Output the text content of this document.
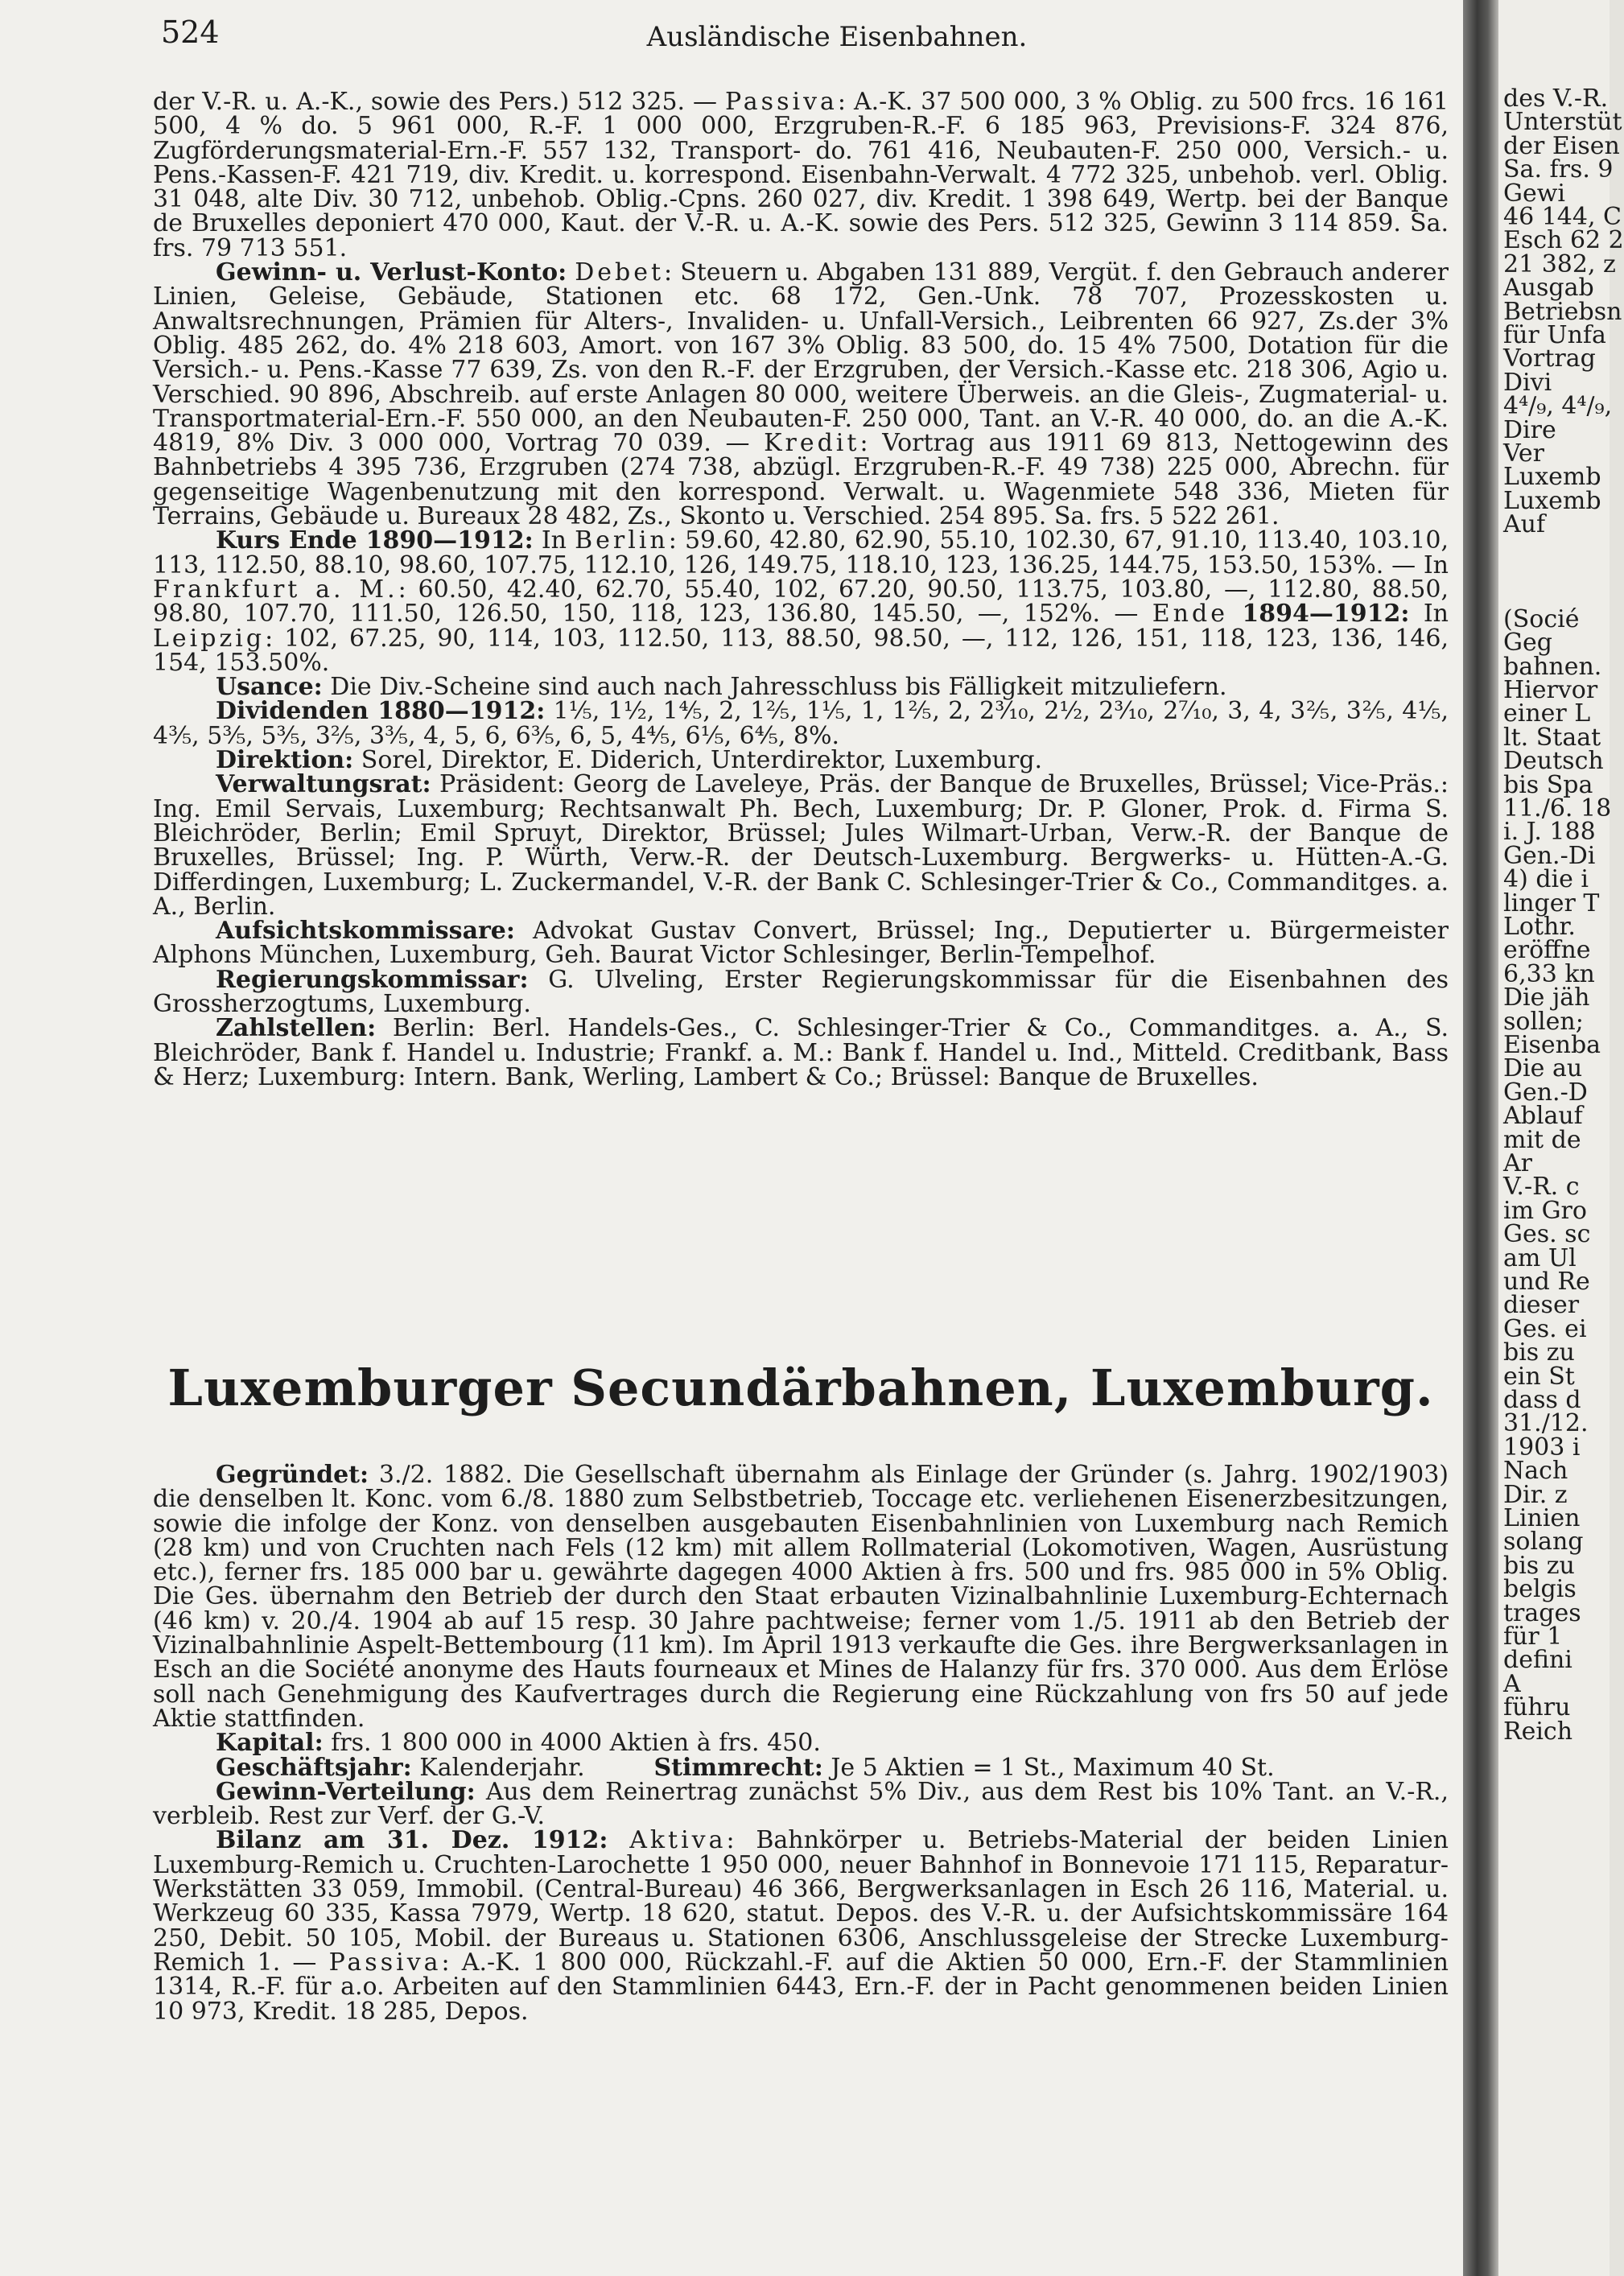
524	Ausländische Eisenbahnen.

der V.-R. u. A.-K., sowie des Pers.) 512 325. — Passiva: A.-K. 37 500 000, 3 % Oblig. zu 500 frcs. 16 161 500, 4 % do. 5 961 000, R.-F. 1 000 000, Erzgruben-R.-F. 6 185 963, Previsions-F. 324 876, Zugförderungsmaterial-Ern.-F. 557 132, Transport- do. 761 416, Neubauten-F. 250 000, Versich.- u. Pens.-Kassen-F. 421 719, div. Kredit. u. korrespond. Eisenbahn-Verwalt. 4 772 325, unbehob. verl. Oblig. 31 048, alte Div. 30 712, unbehob. Oblig.-Cpns. 260 027, div. Kredit. 1 398 649, Wertp. bei der Banque de Bruxelles deponiert 470 000, Kaut. der V.-R. u. A.-K. sowie des Pers. 512 325, Gewinn 3 114 859. Sa. frs. 79 713 551.

Gewinn- u. Verlust-Konto: Debet: Steuern u. Abgaben 131 889, Vergüt. f. den Gebrauch anderer Linien, Geleise, Gebäude, Stationen etc. 68 172, Gen.-Unk. 78 707, Prozesskosten u. Anwaltsrechnungen, Prämien für Alters-, Invaliden- u. Unfall-Versich., Leibrenten 66 927, Zs.der 3% Oblig. 485 262, do. 4% 218 603, Amort. von 167 3% Oblig. 83 500, do. 15 4% 7500, Dotation für die Versich.- u. Pens.-Kasse 77 639, Zs. von den R.-F. der Erzgruben, der Versich.-Kasse etc. 218 306, Agio u. Verschied. 90 896, Abschreib. auf erste Anlagen 80 000, weitere Überweis. an die Gleis-, Zugmaterial- u. Transportmaterial-Ern.-F. 550 000, an den Neubauten-F. 250 000, Tant. an V.-R. 40 000, do. an die A.-K. 4819, 8% Div. 3 000 000, Vortrag 70 039. — Kredit: Vortrag aus 1911 69 813, Nettogewinn des Bahnbetriebs 4 395 736, Erzgruben (274 738, abzügl. Erzgruben-R.-F. 49 738) 225 000, Abrechn. für gegenseitige Wagenbenutzung mit den korrespond. Verwalt. u. Wagenmiete 548 336, Mieten für Terrains, Gebäude u. Bureaux 28 482, Zs., Skonto u. Verschied. 254 895. Sa. frs. 5 522 261.

Kurs Ende 1890—1912: In Berlin: 59.60, 42.80, 62.90, 55.10, 102.30, 67, 91.10, 113.40, 103.10, 113, 112.50, 88.10, 98.60, 107.75, 112.10, 126, 149.75, 118.10, 123, 136.25, 144.75, 153.50, 153%. — In Frankfurt a. M.: 60.50, 42.40, 62.70, 55.40, 102, 67.20, 90.50, 113.75, 103.80, —, 112.80, 88.50, 98.80, 107.70, 111.50, 126.50, 150, 118, 123, 136.80, 145.50, —, 152%. — Ende 1894—1912: In Leipzig: 102, 67.25, 90, 114, 103, 112.50, 113, 88.50, 98.50, —, 112, 126, 151, 118, 123, 136, 146, 154, 153.50%.

Usance: Die Div.-Scheine sind auch nach Jahresschluss bis Fälligkeit mitzuliefern.

Dividenden 1880—1912: 1⅕, 1½, 1⅘, 2, 1⅖, 1⅕, 1, 1⅖, 2, 2³⁄₁₀, 2½, 2³⁄₁₀, 2⁷⁄₁₀, 3, 4, 3⅖, 3⅖, 4⅕, 4⅗, 5⅗, 5⅗, 3⅖, 3⅗, 4, 5, 6, 6⅗, 6, 5, 4⅘, 6⅕, 6⅘, 8%.

Direktion: Sorel, Direktor, E. Diderich, Unterdirektor, Luxemburg.

Verwaltungsrat: Präsident: Georg de Laveleye, Präs. der Banque de Bruxelles, Brüssel; Vice-Präs.: Ing. Emil Servais, Luxemburg; Rechtsanwalt Ph. Bech, Luxemburg; Dr. P. Gloner, Prok. d. Firma S. Bleichröder, Berlin; Emil Spruyt, Direktor, Brüssel; Jules Wilmart-Urban, Verw.-R. der Banque de Bruxelles, Brüssel; Ing. P. Würth, Verw.-R. der Deutsch-Luxemburg. Bergwerks- u. Hütten-A.-G. Differdingen, Luxemburg; L. Zuckermandel, V.-R. der Bank C. Schlesinger-Trier & Co., Commanditges. a. A., Berlin.

Aufsichtskommissare: Advokat Gustav Convert, Brüssel; Ing., Deputierter u. Bürgermeister Alphons München, Luxemburg, Geh. Baurat Victor Schlesinger, Berlin-Tempelhof.

Regierungskommissar: G. Ulveling, Erster Regierungskommissar für die Eisenbahnen des Grossherzogtums, Luxemburg.

Zahlstellen: Berlin: Berl. Handels-Ges., C. Schlesinger-Trier & Co., Commanditges. a. A., S. Bleichröder, Bank f. Handel u. Industrie; Frankf. a. M.: Bank f. Handel u. Ind., Mitteld. Creditbank, Bass & Herz; Luxemburg: Intern. Bank, Werling, Lambert & Co.; Brüssel: Banque de Bruxelles.

Luxemburger Secundärbahnen, Luxemburg.

Gegründet: 3./2. 1882. Die Gesellschaft übernahm als Einlage der Gründer (s. Jahrg. 1902/1903) die denselben lt. Konc. vom 6./8. 1880 zum Selbstbetrieb, Toccage etc. verliehenen Eisenerzbesitzungen, sowie die infolge der Konz. von denselben ausgebauten Eisenbahnlinien von Luxemburg nach Remich (28 km) und von Cruchten nach Fels (12 km) mit allem Rollmaterial (Lokomotiven, Wagen, Ausrüstung etc.), ferner frs. 185 000 bar u. gewährte dagegen 4000 Aktien à frs. 500 und frs. 985 000 in 5% Oblig. Die Ges. übernahm den Betrieb der durch den Staat erbauten Vizinalbahnlinie Luxemburg-Echternach (46 km) v. 20./4. 1904 ab auf 15 resp. 30 Jahre pachtweise; ferner vom 1./5. 1911 ab den Betrieb der Vizinalbahnlinie Aspelt-Bettembourg (11 km). Im April 1913 verkaufte die Ges. ihre Bergwerksanlagen in Esch an die Société anonyme des Hauts fourneaux et Mines de Halanzy für frs. 370 000. Aus dem Erlöse soll nach Genehmigung des Kaufvertrages durch die Regierung eine Rückzahlung von frs 50 auf jede Aktie stattfinden.

Kapital: frs. 1 800 000 in 4000 Aktien à frs. 450.

Geschäftsjahr: Kalenderjahr.	Stimmrecht: Je 5 Aktien = 1 St., Maximum 40 St.

Gewinn-Verteilung: Aus dem Reinertrag zunächst 5% Div., aus dem Rest bis 10% Tant. an V.-R., verbleib. Rest zur Verf. der G.-V.

Bilanz am 31. Dez. 1912: Aktiva: Bahnkörper u. Betriebs-Material der beiden Linien Luxemburg-Remich u. Cruchten-Larochette 1 950 000, neuer Bahnhof in Bonnevoie 171 115, Reparatur-Werkstätten 33 059, Immobil. (Central-Bureau) 46 366, Bergwerksanlagen in Esch 26 116, Material. u. Werkzeug 60 335, Kassa 7979, Wertp. 18 620, statut. Depos. des V.-R. u. der Aufsichtskommissäre 164 250, Debit. 50 105, Mobil. der Bureaus u. Stationen 6306, Anschlussgeleise der Strecke Luxemburg-Remich 1. — Passiva: A.-K. 1 800 000, Rückzahl.-F. auf die Aktien 50 000, Ern.-F. der Stammlinien 1314, R.-F. für a.o. Arbeiten auf den Stammlinien 6443, Ern.-F. der in Pacht genommenen beiden Linien 10 973, Kredit. 18 285, Depos.

des V.-R.
Unterstüt
der Eisen
Sa. frs. 9
Gewi
46 144, C
Esch 62 2
21 382, z
Ausgab
Betriebsn
für Unfa
Vortrag
Divi
4⁴/₉, 4⁴/₉,
Dire
Ver
Luxemb
Luxemb
Auf
(Socié
Geg
bahnen.
Hiervor
einer L
lt. Staat
Deutsch
bis Spa
11./6. 18
i. J. 188
Gen.-Di
4) die i
linger T
Lothr.
eröffne
6,33 kn
Die jäh
sollen;
Eisenba
Die au
Gen.-D
Ablauf
mit de
Ar
V.-R. c
im Gro
Ges. sc
am Ul
und Re
dieser
Ges. ei
bis zu
ein St
dass d
31./12.
1903 i
Nach
Dir. z
Linien
solang
bis zu
belgis
trages
für 1
defini
A
führu
Reich
